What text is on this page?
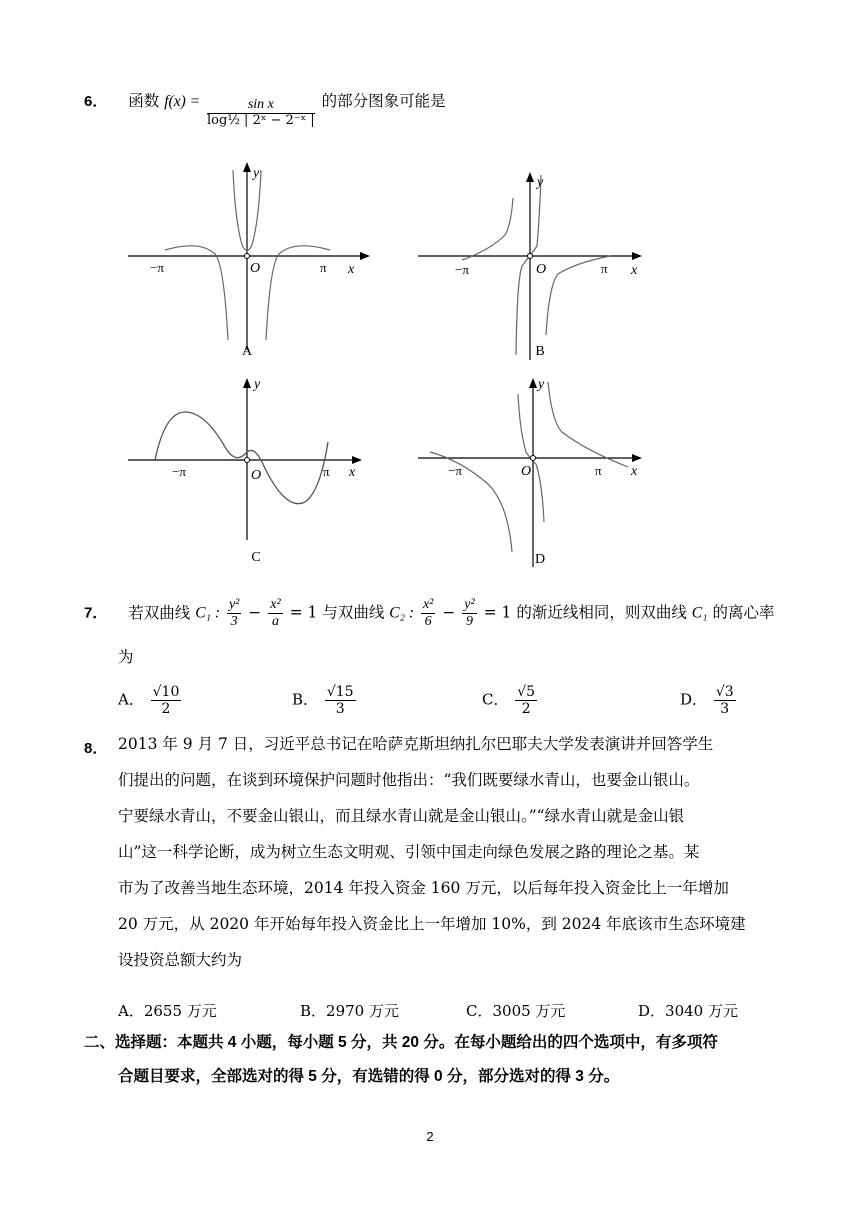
6． 函数 $f(x) = \frac{\text{sin x}}{\text{log½ | 2ˣ − 2⁻ˣ |}}$ 的部分图象可能是
−π	π
O	x
y
A
−π	π
O	x
y
B
−π	π
O	x
y
C
−π	π
O	x
y
D
7． 若双曲线 C₁ : $\frac{\text{y²}}{3} - \frac{\text{x²}}{a} = 1$ 与双曲线 C₂ : $\frac{\text{x²}}{6} - \frac{\text{y²}}{9} = 1$ 的渐近线相同，则双曲线 C₁ 的离心率
为
A． $\frac{√10}{2}$	B． $\frac{√15}{3}$	C． $\frac{√5}{2}$	D． $\frac{√3}{3}$
8． 2013 年 9 月 7 日，习近平总书记在哈萨克斯坦纳扎尔巴耶夫大学发表演讲并回答学生
们提出的问题，在谈到环境保护问题时他指出：“我们既要绿水青山，也要金山银山。
宁要绿水青山，不要金山银山，而且绿水青山就是金山银山。”“绿水青山就是金山银
山”这一科学论断，成为树立生态文明观、引领中国走向绿色发展之路的理论之基。某
市为了改善当地生态环境，2014 年投入资金 160 万元，以后每年投入资金比上一年增加
20 万元，从 2020 年开始每年投入资金比上一年增加 10%，到 2024 年底该市生态环境建
设投资总额大约为
A．2655 万元	B．2970 万元	C．3005 万元	D．3040 万元
二、选择题：本题共 4 小题，每小题 5 分，共 20 分。在每小题给出的四个选项中，有多项符
合题目要求，全部选对的得 5 分，有选错的得 0 分，部分选对的得 3 分。
2
